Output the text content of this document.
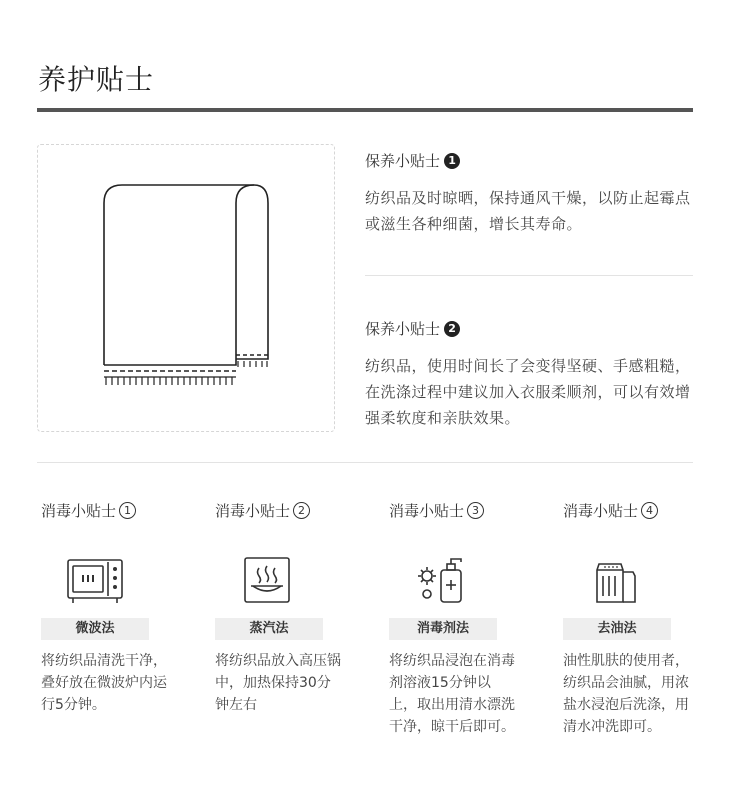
养护贴士
保养小贴士 1
纺织品及时晾晒，保持通风干燥，以防止起霉点或滋生各种细菌，增长其寿命。
保养小贴士 2
纺织品，使用时间长了会变得坚硬、手感粗糙，在洗涤过程中建议加入衣服柔顺剂，可以有效增强柔软度和亲肤效果。
消毒小贴士 1
微波法
将纺织品清洗干净，叠好放在微波炉内运行5分钟。
消毒小贴士 2
蒸汽法
将纺织品放入高压锅中，加热保持30分钟左右
消毒小贴士 3
消毒剂法
将纺织品浸泡在消毒剂溶液15分钟以上，取出用清水漂洗干净，晾干后即可。
消毒小贴士 4
去油法
油性肌肤的使用者，纺织品会油腻，用浓盐水浸泡后洗涤，用清水冲洗即可。
